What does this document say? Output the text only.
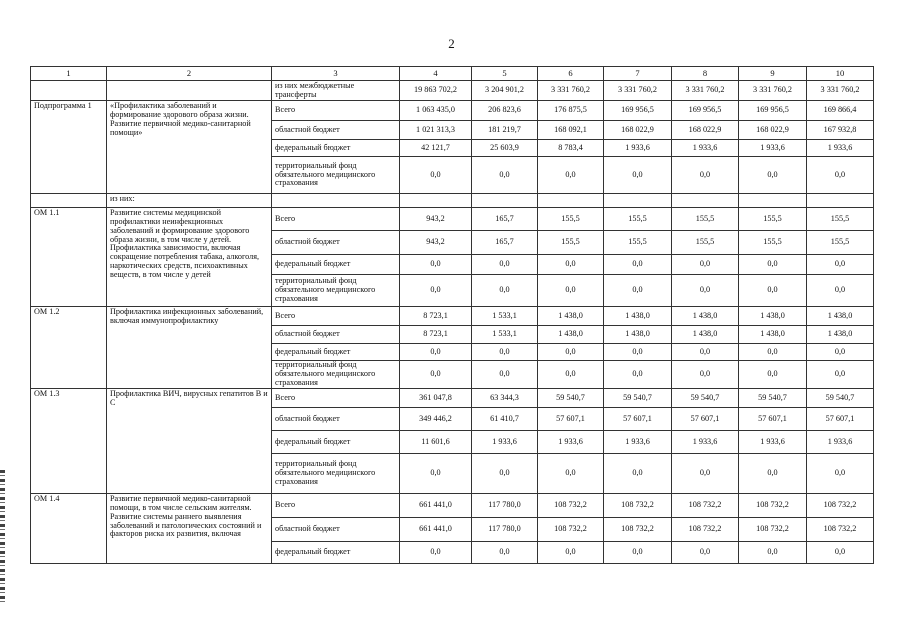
2
1	2	3	4	5	6	7	8	9	10
		из них межбюджетные трансферты	19 863 702,2	3 204 901,2	3 331 760,2	3 331 760,2	3 331 760,2	3 331 760,2	3 331 760,2
Подпрограмма 1	«Профилактика заболеваний и формирование здорового образа жизни. Развитие первичной медико-санитарной помощи»	Всего	1 063 435,0	206 823,6	176 875,5	169 956,5	169 956,5	169 956,5	169 866,4
		областной бюджет	1 021 313,3	181 219,7	168 092,1	168 022,9	168 022,9	168 022,9	167 932,8
		федеральный бюджет	42 121,7	25 603,9	8 783,4	1 933,6	1 933,6	1 933,6	1 933,6
		территориальный фонд обязательного медицинского страхования	0,0	0,0	0,0	0,0	0,0	0,0	0,0
	из них:								
ОМ 1.1	Развитие системы медицинской профилактики неинфекционных заболеваний и формирование здорового образа жизни, в том числе у детей. Профилактика зависимости, включая сокращение потребления табака, алкоголя, наркотических средств, психоактивных веществ, в том числе у детей	Всего	943,2	165,7	155,5	155,5	155,5	155,5	155,5
		областной бюджет	943,2	165,7	155,5	155,5	155,5	155,5	155,5
		федеральный бюджет	0,0	0,0	0,0	0,0	0,0	0,0	0,0
		территориальный фонд обязательного медицинского страхования	0,0	0,0	0,0	0,0	0,0	0,0	0,0
ОМ 1.2	Профилактика инфекционных заболеваний, включая иммунопрофилактику	Всего	8 723,1	1 533,1	1 438,0	1 438,0	1 438,0	1 438,0	1 438,0
		областной бюджет	8 723,1	1 533,1	1 438,0	1 438,0	1 438,0	1 438,0	1 438,0
		федеральный бюджет	0,0	0,0	0,0	0,0	0,0	0,0	0,0
		территориальный фонд обязательного медицинского страхования	0,0	0,0	0,0	0,0	0,0	0,0	0,0
ОМ 1.3	Профилактика ВИЧ, вирусных гепатитов В и С	Всего	361 047,8	63 344,3	59 540,7	59 540,7	59 540,7	59 540,7	59 540,7
		областной бюджет	349 446,2	61 410,7	57 607,1	57 607,1	57 607,1	57 607,1	57 607,1
		федеральный бюджет	11 601,6	1 933,6	1 933,6	1 933,6	1 933,6	1 933,6	1 933,6
		территориальный фонд обязательного медицинского страхования	0,0	0,0	0,0	0,0	0,0	0,0	0,0
ОМ 1.4	Развитие первичной медико-санитарной помощи, в том числе сельским жителям. Развитие системы раннего выявления заболеваний и патологических состояний и факторов риска их развития, включая	Всего	661 441,0	117 780,0	108 732,2	108 732,2	108 732,2	108 732,2	108 732,2
		областной бюджет	661 441,0	117 780,0	108 732,2	108 732,2	108 732,2	108 732,2	108 732,2
		федеральный бюджет	0,0	0,0	0,0	0,0	0,0	0,0	0,0
